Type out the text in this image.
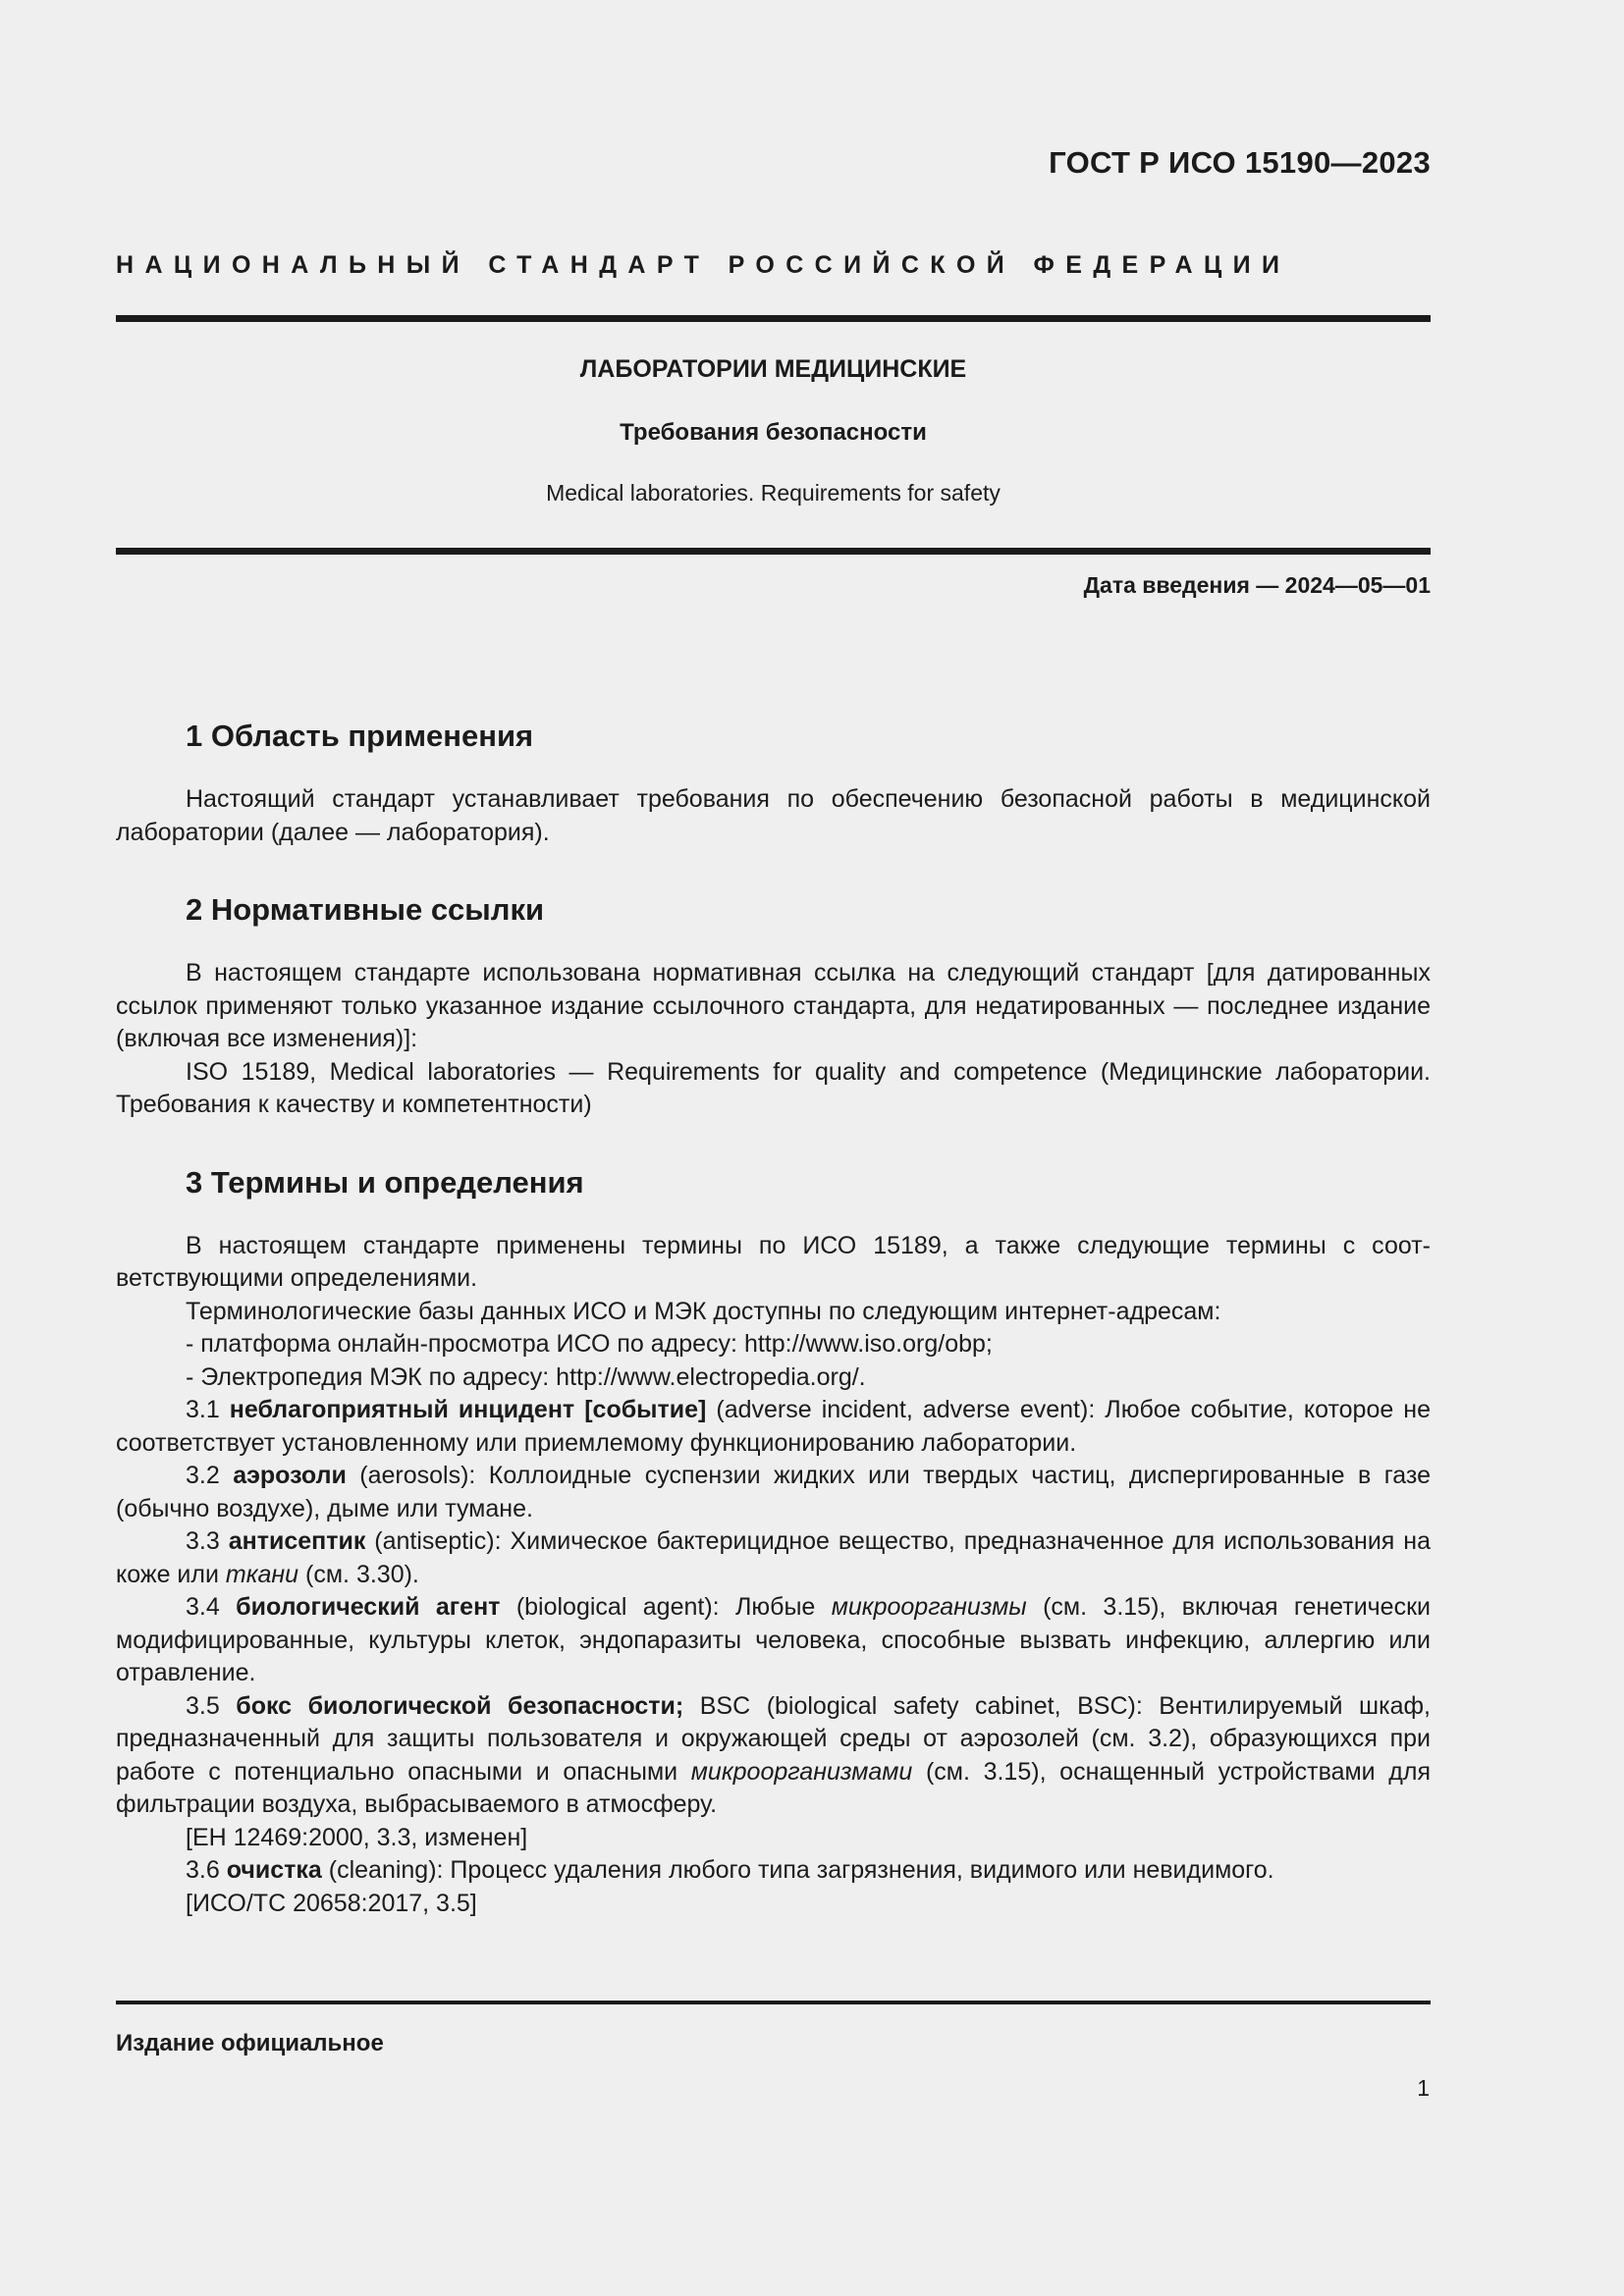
ГОСТ Р ИСО 15190—2023
НАЦИОНАЛЬНЫЙ СТАНДАРТ РОССИЙСКОЙ ФЕДЕРАЦИИ
ЛАБОРАТОРИИ МЕДИЦИНСКИЕ
Требования безопасности
Medical laboratories. Requirements for safety
Дата введения — 2024—05—01
1 Область применения

Настоящий стандарт устанавливает требования по обеспечению безопасной работы в медицинской лаборатории (далее — лаборатория).

2 Нормативные ссылки

В настоящем стандарте использована нормативная ссылка на следующий стандарт [для датированных ссылок применяют только указанное издание ссылочного стандарта, для недатированных — последнее издание (включая все изменения)]:

ISO 15189, Medical laboratories — Requirements for quality and competence (Медицинские лаборатории. Требования к качеству и компетентности)

3 Термины и определения

В настоящем стандарте применены термины по ИСО 15189, а также следующие термины с соответствующими определениями.

Терминологические базы данных ИСО и МЭК доступны по следующим интернет-адресам:

- платформа онлайн-просмотра ИСО по адресу: http://www.iso.org/obp;

- Электропедия МЭК по адресу: http://www.electropedia.org/.

3.1 неблагоприятный инцидент [событие] (adverse incident, adverse event): Любое событие, которое не соответствует установленному или приемлемому функционированию лаборатории.

3.2 аэрозоли (aerosols): Коллоидные суспензии жидких или твердых частиц, диспергированные в газе (обычно воздухе), дыме или тумане.

3.3 антисептик (antiseptic): Химическое бактерицидное вещество, предназначенное для использования на коже или ткани (см. 3.30).

3.4 биологический агент (biological agent): Любые микроорганизмы (см. 3.15), включая генетически модифицированные, культуры клеток, эндопаразиты человека, способные вызвать инфекцию, аллергию или отравление.

3.5 бокс биологической безопасности; BSC (biological safety cabinet, BSC): Вентилируемый шкаф, предназначенный для защиты пользователя и окружающей среды от аэрозолей (см. 3.2), образующихся при работе с потенциально опасными и опасными микроорганизмами (см. 3.15), оснащенный устройствами для фильтрации воздуха, выбрасываемого в атмосферу.

[ЕН 12469:2000, 3.3, изменен]

3.6 очистка (cleaning): Процесс удаления любого типа загрязнения, видимого или невидимого.

[ИСО/ТС 20658:2017, 3.5]

Издание официальное
1
